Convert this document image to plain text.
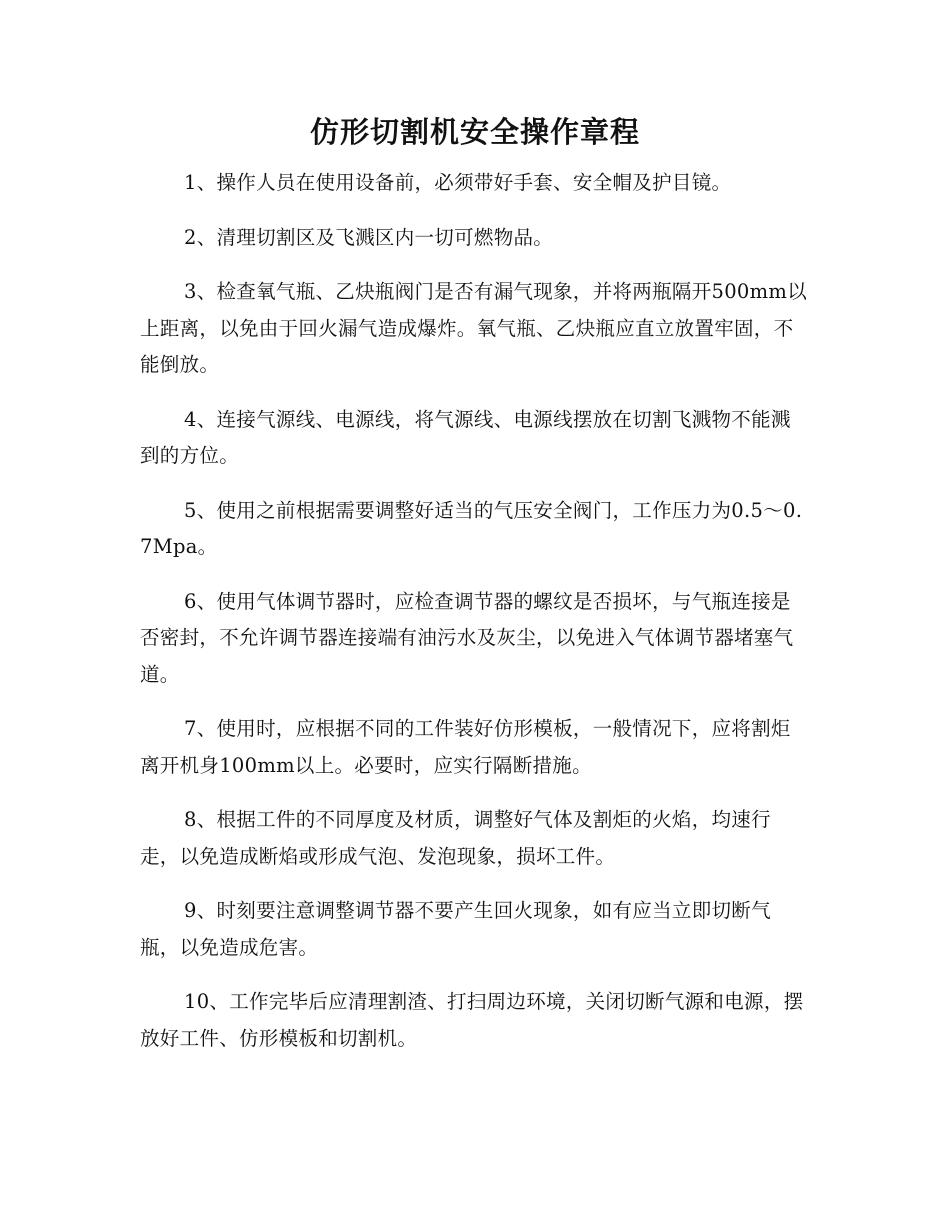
仿形切割机安全操作章程

1、操作人员在使用设备前，必须带好手套、安全帽及护目镜。

2、清理切割区及飞溅区内一切可燃物品。

3、检查氧气瓶、乙炔瓶阀门是否有漏气现象，并将两瓶隔开500mm以上距离，以免由于回火漏气造成爆炸。氧气瓶、乙炔瓶应直立放置牢固，不能倒放。

4、连接气源线、电源线，将气源线、电源线摆放在切割飞溅物不能溅到的方位。

5、使用之前根据需要调整好适当的气压安全阀门，工作压力为0.5～0.7Mpa。

6、使用气体调节器时，应检查调节器的螺纹是否损坏，与气瓶连接是否密封，不允许调节器连接端有油污水及灰尘，以免进入气体调节器堵塞气道。

7、使用时，应根据不同的工件装好仿形模板，一般情况下，应将割炬离开机身100mm以上。必要时，应实行隔断措施。

8、根据工件的不同厚度及材质，调整好气体及割炬的火焰，均速行走，以免造成断焰或形成气泡、发泡现象，损坏工件。

9、时刻要注意调整调节器不要产生回火现象，如有应当立即切断气瓶，以免造成危害。

10、工作完毕后应清理割渣、打扫周边环境，关闭切断气源和电源，摆放好工件、仿形模板和切割机。
